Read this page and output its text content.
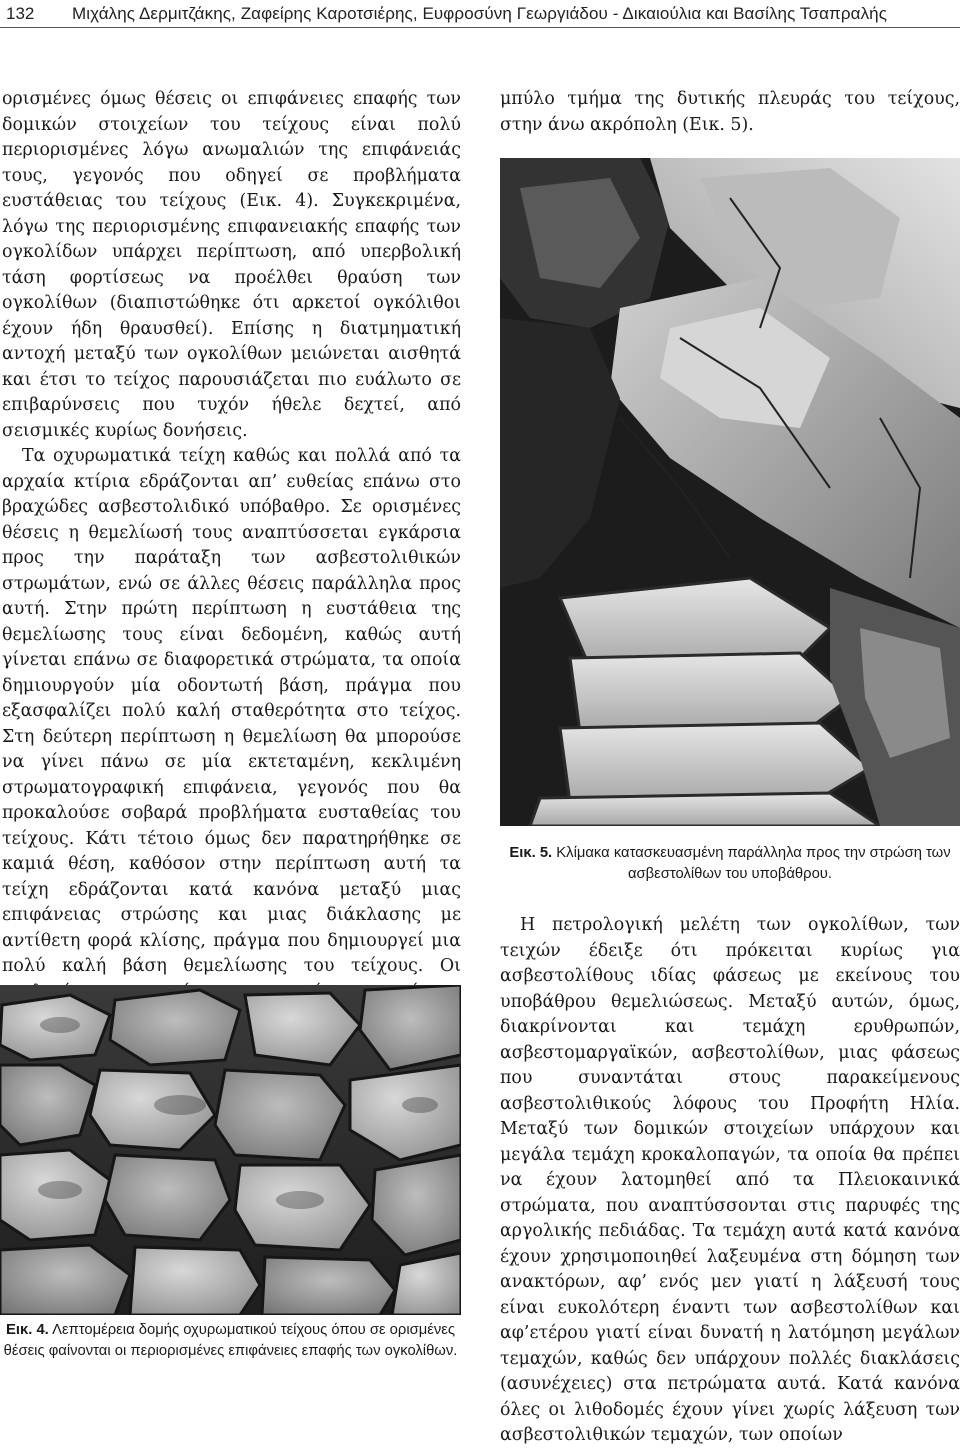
132 Μιχάλης Δερμιτζάκης, Ζαφείρης Καροτσιέρης, Ευφροσύνη Γεωργιάδου - Δικαιούλια και Βασίλης Τσαπραλής

ορισμένες όμως θέσεις οι επιφάνειες επαφής των δομικών στοιχείων του τείχους είναι πολύ περιορισμένες λόγω ανωμαλιών της επιφάνειάς τους, γεγονός που οδηγεί σε προβλήματα ευστάθειας του τείχους (Εικ. 4). Συγκεκριμένα, λόγω της περιορισμένης επιφανειακής επαφής των ογκολίδων υπάρχει περίπτωση, από υπερβολική τάση φορτίσεως να προέλθει θραύση των ογκολίθων (διαπιστώθηκε ότι αρκετοί ογκόλιθοι έχουν ήδη θραυσθεί). Επίσης η διατμηματική αντοχή μεταξύ των ογκολίθων μειώνεται αισθητά και έτσι το τείχος παρουσιάζεται πιο ευάλωτο σε επιβαρύνσεις που τυχόν ήθελε δεχτεί, από σεισμικές κυρίως δονήσεις.

Τα οχυρωματικά τείχη καθώς και πολλά από τα αρχαία κτίρια εδράζονται απ’ ευθείας επάνω στο βραχώδες ασβεστολιδικό υπόβαθρο. Σε ορισμένες θέσεις η θεμελίωσή τους αναπτύσσεται εγκάρσια προς την παράταξη των ασβεστολιθικών στρωμάτων, ενώ σε άλλες θέσεις παράλληλα προς αυτή. Στην πρώτη περίπτωση η ευστάθεια της θεμελίωσης τους είναι δεδομένη, καθώς αυτή γίνεται επάνω σε διαφορετικά στρώματα, τα οποία δημιουργούν μία οδοντωτή βάση, πράγμα που εξασφαλίζει πολύ καλή σταθερότητα στο τείχος. Στη δεύτερη περίπτωση η θεμελίωση θα μπορούσε να γίνει πάνω σε μία εκτεταμένη, κεκλιμένη στρωματογραφική επιφάνεια, γεγονός που θα προκαλούσε σοβαρά προβλήματα ευσταθείας του τείχους. Κάτι τέτοιο όμως δεν παρατηρήθηκε σε καμιά θέση, καθόσον στην περίπτωση αυτή τα τείχη εδράζονται κατά κανόνα μεταξύ μιας επιφάνειας στρώσης και μιας διάκλασης με αντίθετη φορά κλίσης, πράγμα που δημιουργεί μια πολύ καλή βάση θεμελίωσης του τείχους. Οι

Εικ. 4. Λεπτομέρεια δομής οχυρωματικού τείχους όπου σε ορισμένες θέσεις φαίνονται οι περιορισμένες επιφάνειες επαφής των ογκολίθων.

μπύλο τμήμα της δυτικής πλευράς του τείχους, στην άνω ακρόπολη (Εικ. 5).

Εικ. 5. Κλίμακα κατασκευασμένη παράλληλα προς την στρώση των ασβεστολίθων του υποβάθρου.

Η πετρολογική μελέτη των ογκολίθων, των τειχών έδειξε ότι πρόκειται κυρίως για ασβεστολίθους ιδίας φάσεως με εκείνους του υποβάθρου θεμελιώσεως. Μεταξύ αυτών, όμως, διακρίνονται και τεμάχη ερυθρωπών, ασβεστομαργαϊκών, ασβεστολίθων, μιας φάσεως που συναντάται στους παρακείμενους ασβεστολιθικούς λόφους του Προφήτη Ηλία. Μεταξύ των δομικών στοιχείων υπάρχουν και μεγάλα τεμάχη κροκαλοπαγών, τα οποία θα πρέπει να έχουν λατομηθεί από τα Πλειοκαινικά στρώματα, που αναπτύσσονται στις παρυφές της αργολικής πεδιάδας. Τα τεμάχη αυτά κατά κανόνα έχουν χρησιμοποιηθεί λαξευμένα στη δόμηση των ανακτόρων, αφ’ ενός μεν γιατί η λάξευσή τους είναι ευκολότερη έναντι των ασβεστολίθων και αφ’ετέρου γιατί είναι δυνατή η λατόμηση μεγάλων τεμαχών, καθώς δεν υπάρχουν πολλές διακλάσεις (ασυνέχειες) στα πετρώματα αυτά. Κατά κανόνα όλες οι λιθοδομές έχουν γίνει χωρίς λάξευση των ασβεστολιθικών τεμαχών, των οποίων
